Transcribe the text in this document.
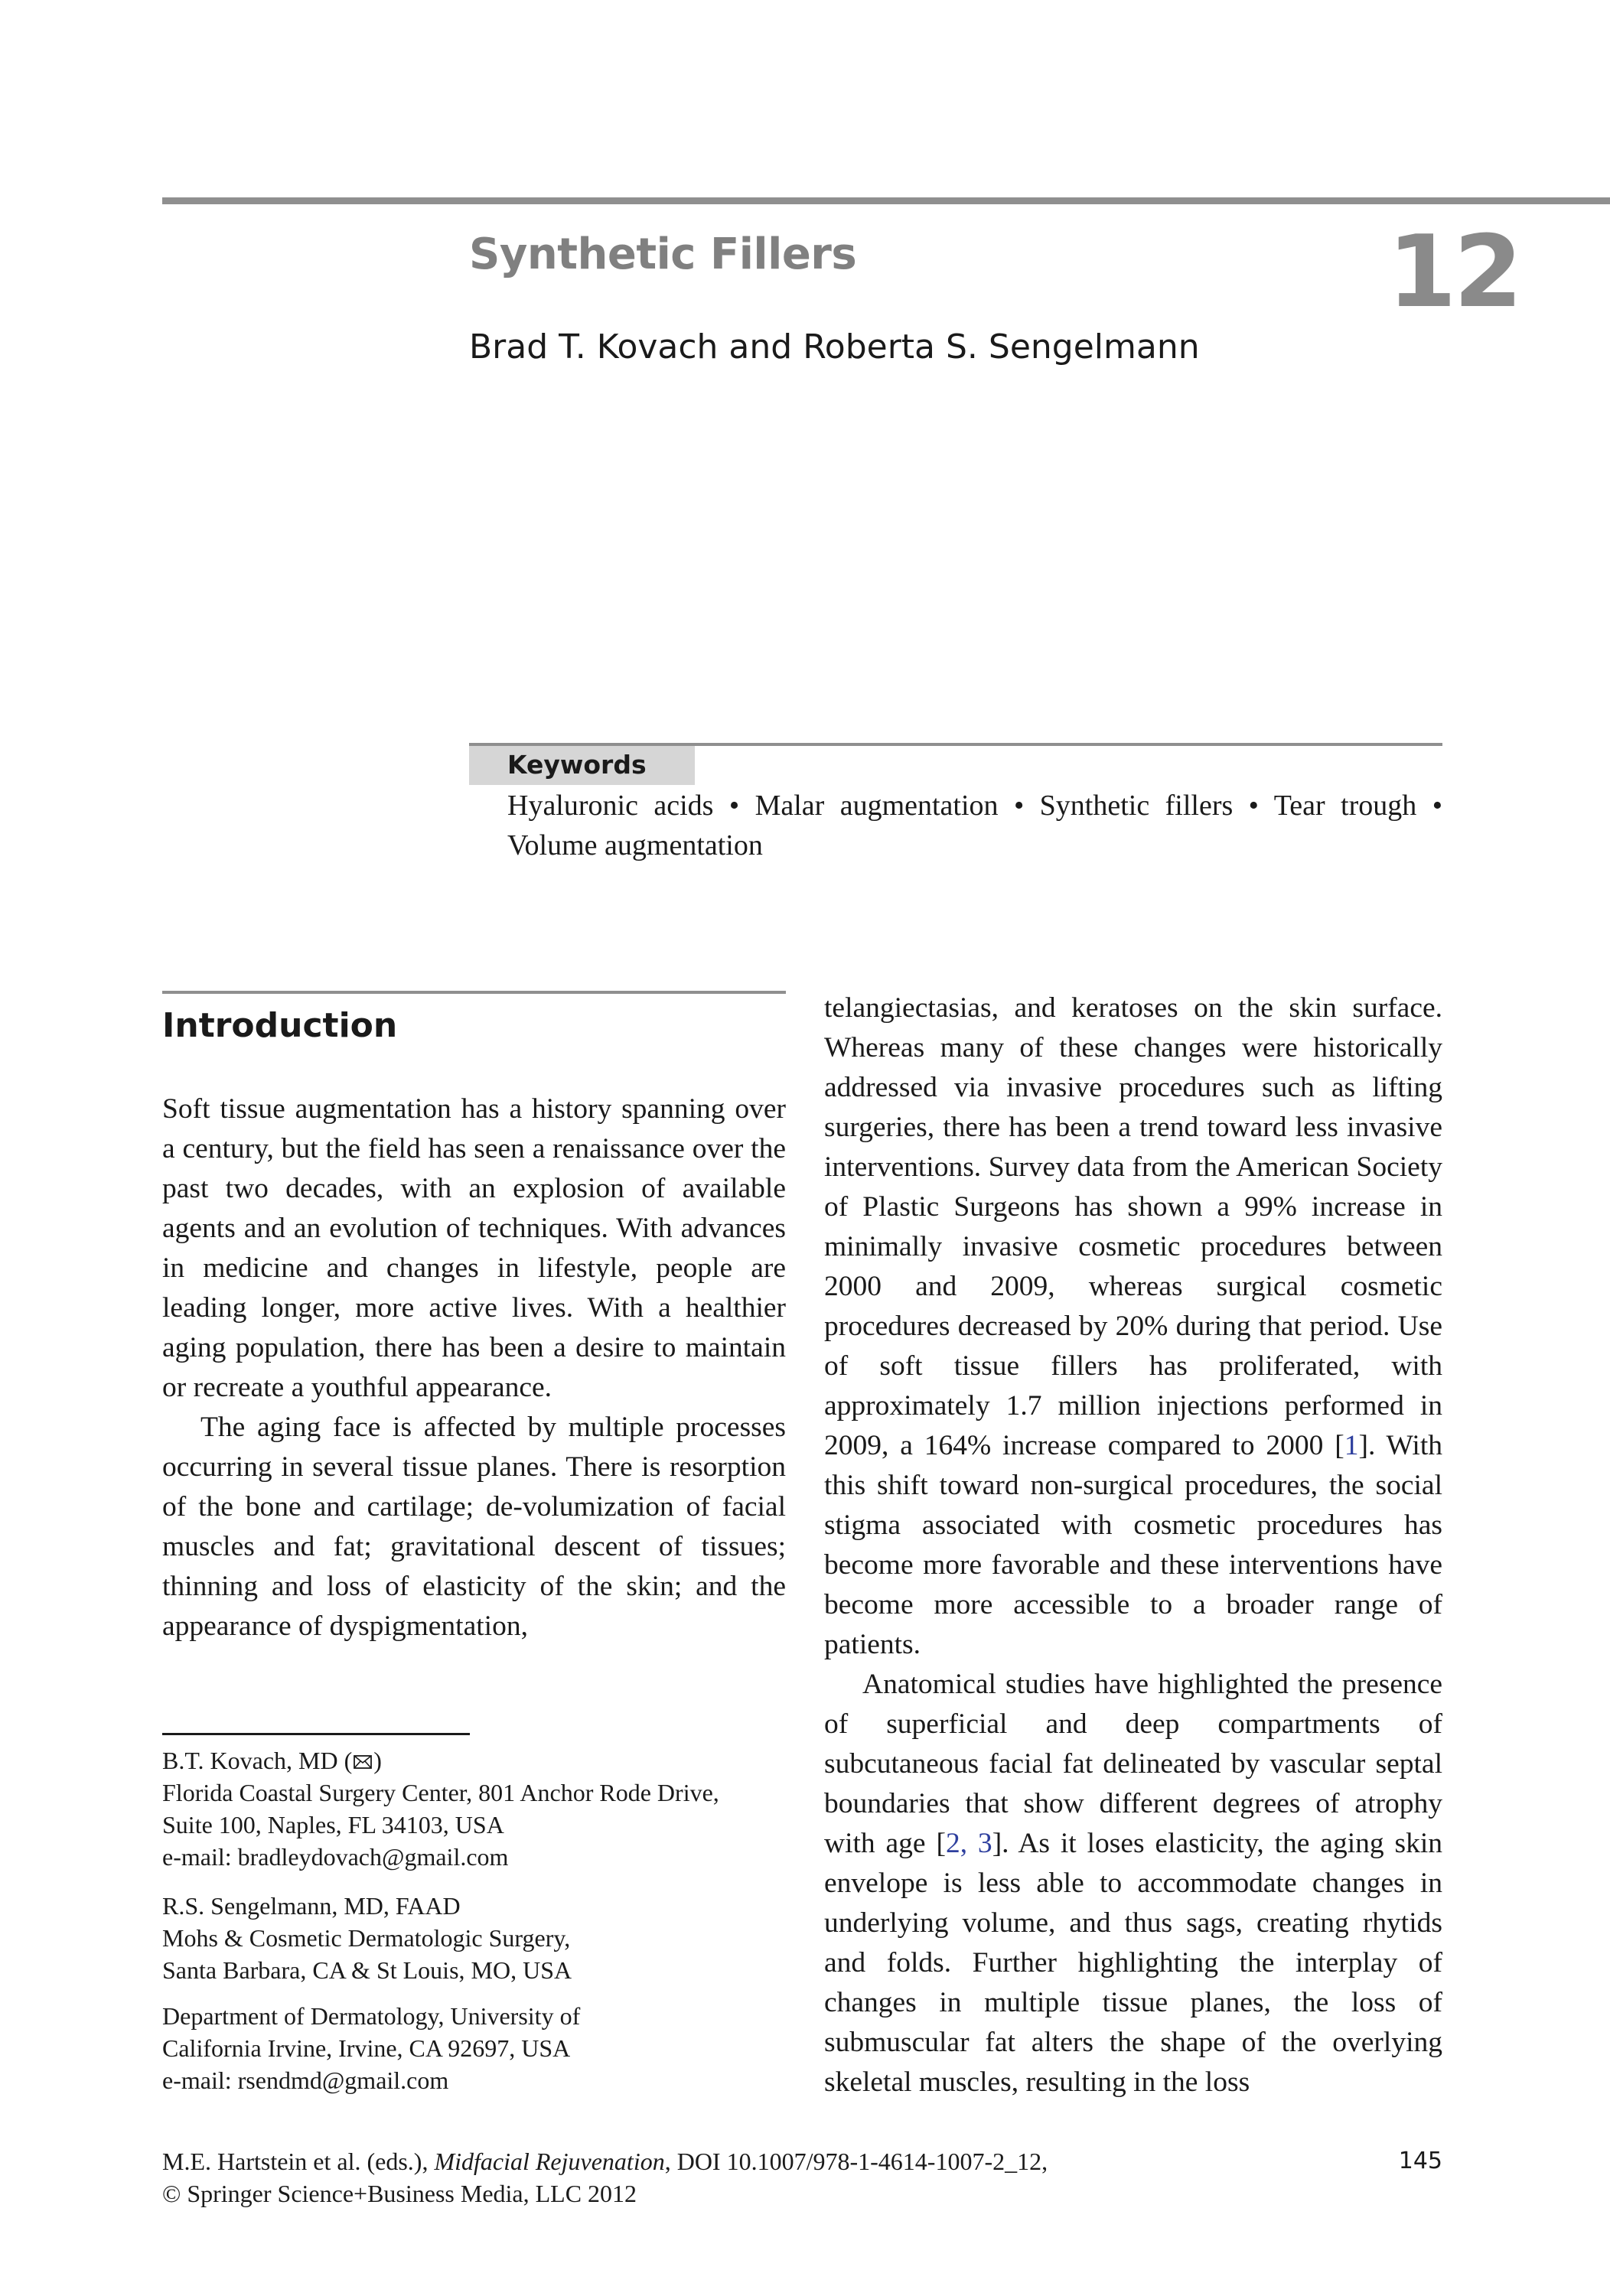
Synthetic Fillers	12
Brad T. Kovach and Roberta S. Sengelmann
Keywords
Hyaluronic acids • Malar augmentation • Synthetic fillers • Tear trough • Volume augmentation
Introduction

Soft tissue augmentation has a history spanning over a century, but the field has seen a renaissance over the past two decades, with an explosion of available agents and an evolution of techniques. With advances in medicine and changes in lifestyle, people are leading longer, more active lives. With a healthier aging population, there has been a desire to maintain or recreate a youthful appearance.

The aging face is affected by multiple processes occurring in several tissue planes. There is resorption of the bone and cartilage; de-volumization of facial muscles and fat; gravitational descent of tissues; thinning and loss of elasticity of the skin; and the appearance of dyspigmentation,

telangiectasias, and keratoses on the skin surface. Whereas many of these changes were historically addressed via invasive procedures such as lifting surgeries, there has been a trend toward less invasive interventions. Survey data from the American Society of Plastic Surgeons has shown a 99% increase in minimally invasive cosmetic procedures between 2000 and 2009, whereas surgical cosmetic procedures decreased by 20% during that period. Use of soft tissue fillers has proliferated, with approximately 1.7 million injections performed in 2009, a 164% increase compared to 2000 [1]. With this shift toward non-surgical procedures, the social stigma associated with cosmetic procedures has become more favorable and these interventions have become more accessible to a broader range of patients.

Anatomical studies have highlighted the presence of superficial and deep compartments of subcutaneous facial fat delineated by vascular septal boundaries that show different degrees of atrophy with age [2, 3]. As it loses elasticity, the aging skin envelope is less able to accommodate changes in underlying volume, and thus sags, creating rhytids and folds. Further highlighting the interplay of changes in multiple tissue planes, the loss of submuscular fat alters the shape of the overlying skeletal muscles, resulting in the loss

B.T. Kovach, MD ( )
Florida Coastal Surgery Center, 801 Anchor Rode Drive,
Suite 100, Naples, FL 34103, USA
e-mail: bradleydovach@gmail.com
R.S. Sengelmann, MD, FAAD
Mohs & Cosmetic Dermatologic Surgery,
Santa Barbara, CA & St Louis, MO, USA
Department of Dermatology, University of
California Irvine, Irvine, CA 92697, USA
e-mail: rsendmd@gmail.com
M.E. Hartstein et al. (eds.), Midfacial Rejuvenation, DOI 10.1007/978-1-4614-1007-2_12,
© Springer Science+Business Media, LLC 2012
145
